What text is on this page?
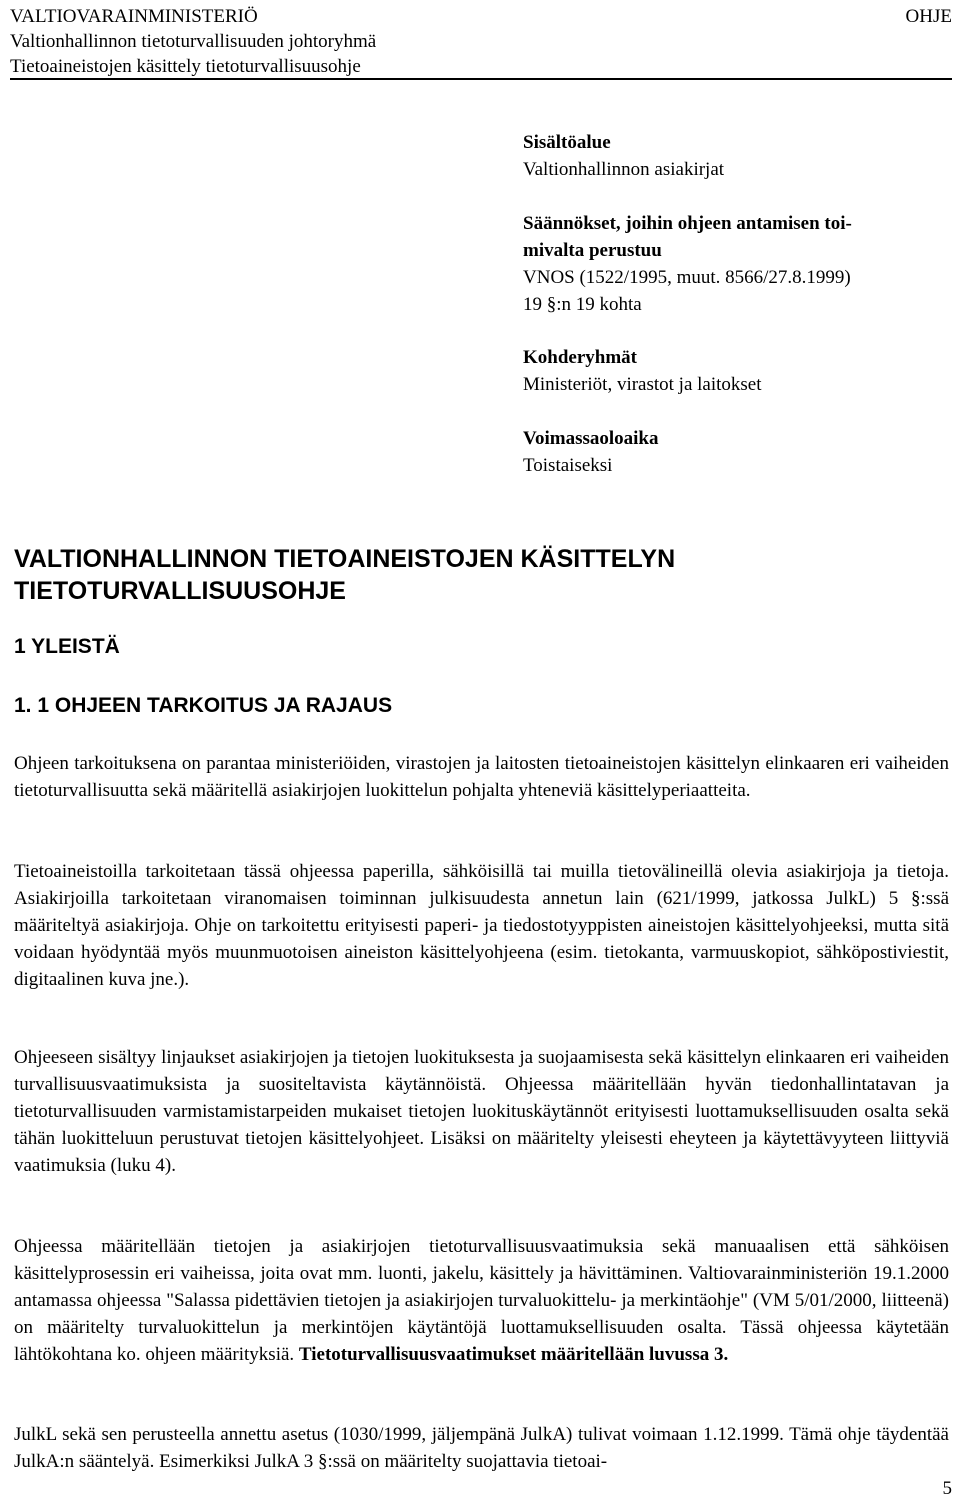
VALTIOVARAINMINISTERIÖ
Valtionhallinnon tietoturvallisuuden johtoryhmä
Tietoaineistojen käsittely tietoturvallisuusohje
OHJE
Sisältöalue
Valtionhallinnon asiakirjat
Säännökset, joihin ohjeen antamisen toi-
mivalta perustuu
VNOS (1522/1995, muut. 8566/27.8.1999)
19 §:n 19 kohta
Kohderyhmät
Ministeriöt, virastot ja laitokset
Voimassaoloaika
Toistaiseksi
VALTIONHALLINNON TIETOAINEISTOJEN KÄSITTELYN
TIETOTURVALLISUUSOHJE
1 YLEISTÄ
1. 1 OHJEEN TARKOITUS JA RAJAUS
Ohjeen tarkoituksena on parantaa ministeriöiden, virastojen ja laitosten tietoaineistojen käsittelyn elinkaaren eri vaiheiden tietoturvallisuutta sekä määritellä asiakirjojen luokittelun pohjalta yhteneviä käsittelyperiaatteita.
Tietoaineistoilla tarkoitetaan tässä ohjeessa paperilla, sähköisillä tai muilla tietovälineillä olevia asiakirjoja ja tietoja. Asiakirjoilla tarkoitetaan viranomaisen toiminnan julkisuudesta annetun lain (621/1999, jatkossa JulkL) 5 §:ssä määriteltyä asiakirjoja. Ohje on tarkoitettu erityisesti paperi- ja tiedostotyyppisten aineistojen käsittelyohjeeksi, mutta sitä voidaan hyödyntää myös muunmuotoisen aineiston käsittelyohjeena (esim. tietokanta, varmuuskopiot, sähköpostiviestit, digitaalinen kuva jne.).
Ohjeeseen sisältyy linjaukset asiakirjojen ja tietojen luokituksesta ja suojaamisesta sekä käsittelyn elinkaaren eri vaiheiden turvallisuusvaatimuksista ja suositeltavista käytännöistä. Ohjeessa määritellään hyvän tiedonhallintatavan ja tietoturvallisuuden varmistamistarpeiden mukaiset tietojen luokituskäytännöt erityisesti luottamuksellisuuden osalta sekä tähän luokitteluun perustuvat tietojen käsittelyohjeet. Lisäksi on määritelty yleisesti eheyteen ja käytettävyyteen liittyviä vaatimuksia (luku 4).
Ohjeessa määritellään tietojen ja asiakirjojen tietoturvallisuusvaatimuksia sekä manuaalisen että sähköisen käsittelyprosessin eri vaiheissa, joita ovat mm. luonti, jakelu, käsittely ja hävittäminen. Valtiovarainministeriön 19.1.2000 antamassa ohjeessa "Salassa pidettävien tietojen ja asiakirjojen turvaluokittelu- ja merkintäohje" (VM 5/01/2000, liitteenä) on määritelty turvaluokittelun ja merkintöjen käytäntöjä luottamuksellisuuden osalta. Tässä ohjeessa käytetään lähtökohtana ko. ohjeen määrityksiä. Tietoturvallisuusvaatimukset määritellään luvussa 3.
JulkL sekä sen perusteella annettu asetus (1030/1999, jäljempänä JulkA) tulivat voimaan 1.12.1999. Tämä ohje täydentää JulkA:n sääntelyä. Esimerkiksi JulkA 3 §:ssä on määritelty suojattavia tietoai-
5
